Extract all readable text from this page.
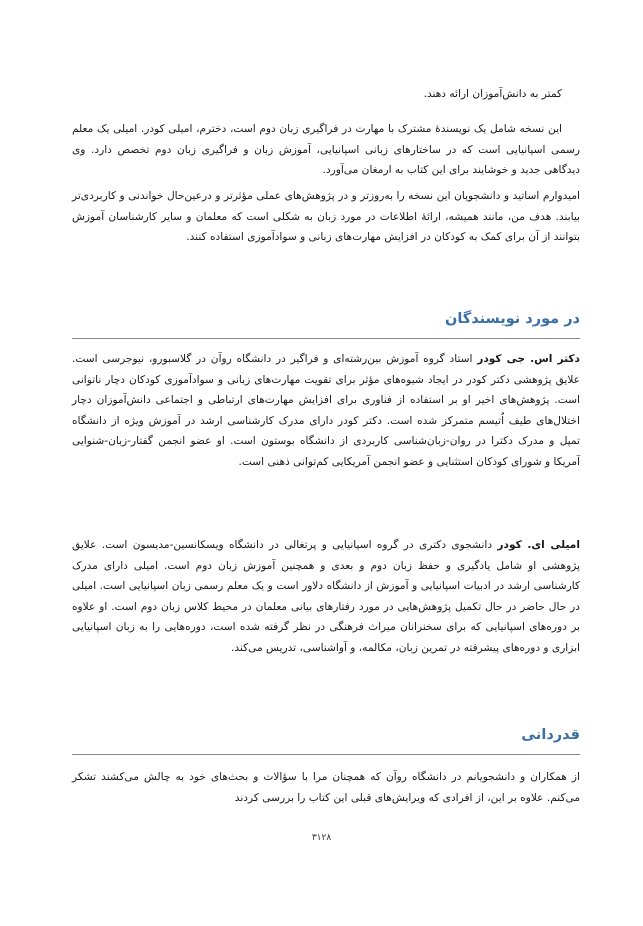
کمتر به دانش‌آموزان ارائه دهند.

این نسخه شامل یک نویسندهٔ مشترک با مهارت در فراگیری زبان دوم است، دخترم، امیلی کودر. امیلی یک معلم رسمی اسپانیایی است که در ساختارهای زبانی اسپانیایی، آموزش زبان و فراگیری زبان دوم تخصص دارد. وی دیدگاهی جدید و خوشایند برای این کتاب به ارمغان می‌آورد.

امیدوارم اساتید و دانشجویان این نسخه را به‌روزتر و در پژوهش‌های عملی مؤثرتر و درعین‌حال خواندنی و کاربردی‌تر بیابند. هدف من، مانند همیشه، ارائهٔ اطلاعات در مورد زبان به شکلی است که معلمان و سایر کارشناسان آموزش بتوانند از آن برای کمک به کودکان در افزایش مهارت‌های زبانی و سوادآموزی استفاده کنند.

در مورد نویسندگان

دکتر اس. جی کودر استاد گروه آموزش بین‌رشته‌ای و فراگیر در دانشگاه روآن در گلاسبورو، نیوجرسی است. علایق پژوهشی دکتر کودر در ایجاد شیوه‌های مؤثر برای تقویت مهارت‌های زبانی و سوادآموزی کودکان دچار ناتوانی است. پژوهش‌های اخیر او بر استفاده از فناوری برای افزایش مهارت‌های ارتباطی و اجتماعی دانش‌آموزان دچار اختلال‌های طیف اُتیسم متمرکز شده است. دکتر کودر دارای مدرک کارشناسی ارشد در آموزش ویژه از دانشگاه تمپل و مدرک دکترا در روان‌-زبان‌شناسی کاربردی از دانشگاه بوستون است. او عضو انجمن گفتار-زبان-شنوایی آمریکا و شورای کودکان استثنایی و عضو انجمن آمریکایی کم‌توانی ذهنی است.

امیلی ای. کودر دانشجوی دکتری در گروه اسپانیایی و پرتغالی در دانشگاه ویسکانسین-مدیسون است. علایق پژوهشی او شامل یادگیری و حفظ زبان دوم و بعدی و همچنین آموزش زبان دوم است. امیلی دارای مدرک کارشناسی ارشد در ادبیات اسپانیایی و آموزش از دانشگاه دلاور است و یک معلم رسمی زبان اسپانیایی است. امیلی در حال حاضر در حال تکمیل پژوهش‌هایی در مورد رفتارهای بیانی معلمان در محیط کلاس زبان دوم است. او علاوه بر دوره‌های اسپانیایی که برای سخنرانان میراث فرهنگی در نظر گرفته شده است، دوره‌هایی را به زبان اسپانیایی ابزاری و دوره‌های پیشرفته در تمرین زبان، مکالمه، و آواشناسی، تدریس می‌کند.

قدردانی

از همکاران و دانشجویانم در دانشگاه روآن که همچنان مرا با سؤالات و بحث‌های خود به چالش می‌کشند تشکر می‌کنم. علاوه بر این، از افرادی که ویرایش‌های قبلی این کتاب را بررسی کردند

۳۱۲۸
